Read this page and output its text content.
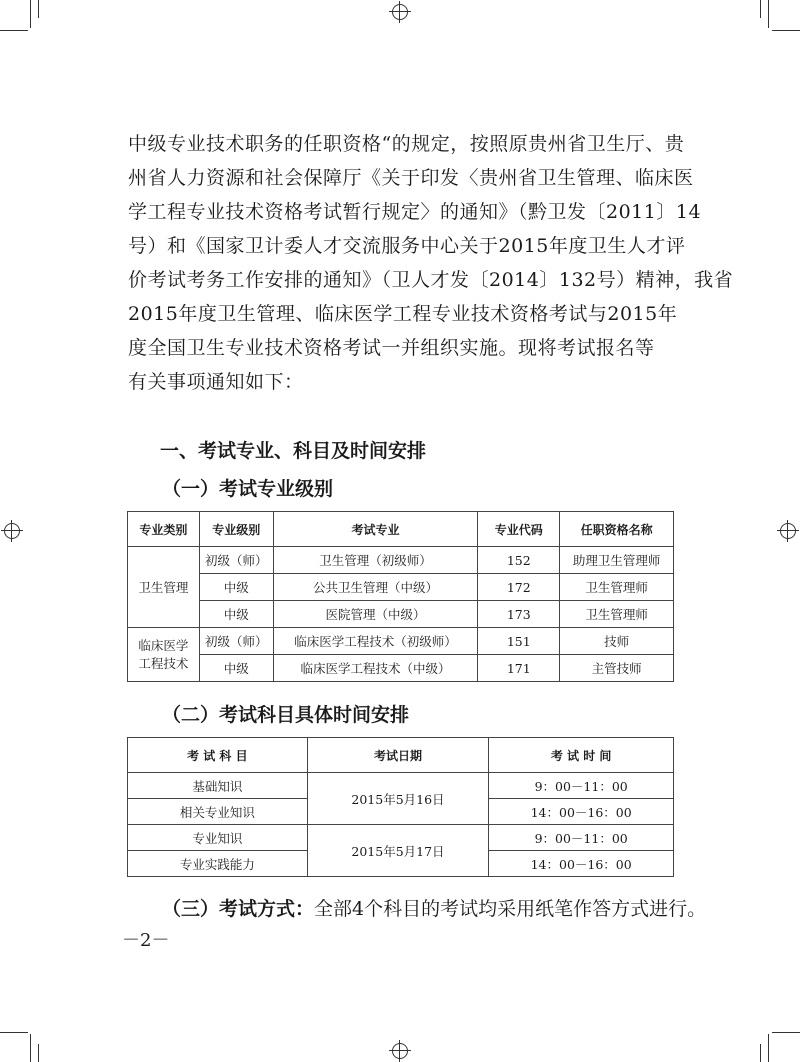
中级专业技术职务的任职资格“的规定，按照原贵州省卫生厅、贵
州省人力资源和社会保障厅《关于印发〈贵州省卫生管理、临床医
学工程专业技术资格考试暂行规定〉的通知》（黔卫发〔2011〕14
号）和《国家卫计委人才交流服务中心关于2015年度卫生人才评
价考试考务工作安排的通知》（卫人才发〔2014〕132号）精神，我省
2015年度卫生管理、临床医学工程专业技术资格考试与2015年
度全国卫生专业技术资格考试一并组织实施。现将考试报名等
有关事项通知如下：

一、考试专业、科目及时间安排
（一）考试专业级别
专业类别	专业级别	考试专业	专业代码	任职资格名称
卫生管理	初级（师）	卫生管理（初级师）	152	助理卫生管理师
	中级	公共卫生管理（中级）	172	卫生管理师
	中级	医院管理（中级）	173	卫生管理师
临床医学
工程技术	初级（师）	临床医学工程技术（初级师）	151	技师
	中级	临床医学工程技术（中级）	171	主管技师
（二）考试科目具体时间安排
考 试 科 目	考试日期	考 试 时 间
基础知识	2015年5月16日	9：00－11：00
相关专业知识		14：00－16：00
专业知识	2015年5月17日	9：00－11：00
专业实践能力		14：00－16：00
（三）考试方式：全部4个科目的考试均采用纸笔作答方式进行。
－2－
